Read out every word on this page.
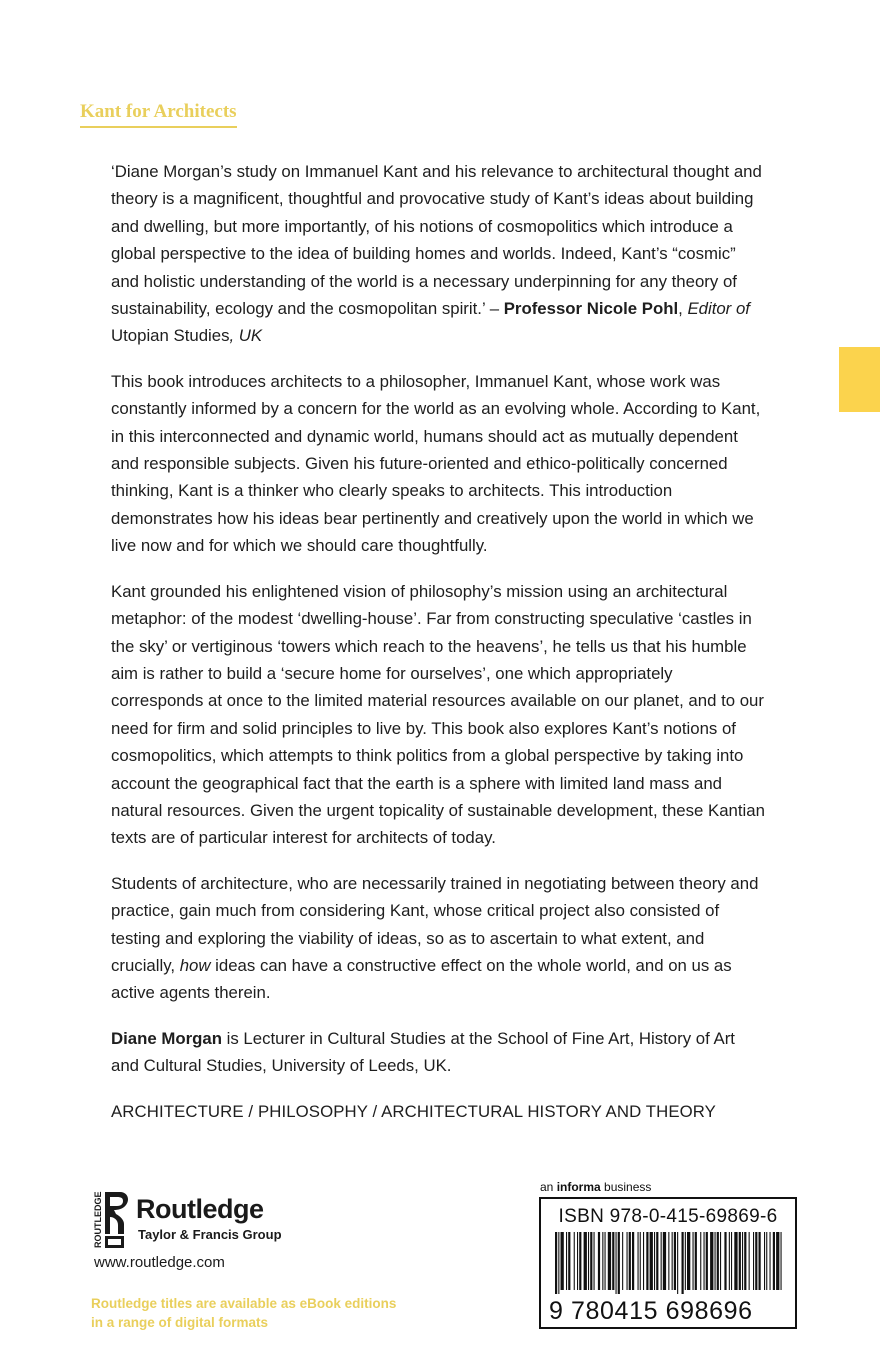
Kant for Architects

‘Diane Morgan’s study on Immanuel Kant and his relevance to architectural thought and theory is a magnificent, thoughtful and provocative study of Kant’s ideas about building and dwelling, but more importantly, of his notions of cosmopolitics which introduce a global perspective to the idea of building homes and worlds. Indeed, Kant’s “cosmic” and holistic understanding of the world is a necessary underpinning for any theory of sustainability, ecology and the cosmopolitan spirit.’ – Professor Nicole Pohl, Editor of Utopian Studies, UK

This book introduces architects to a philosopher, Immanuel Kant, whose work was constantly informed by a concern for the world as an evolving whole. According to Kant, in this interconnected and dynamic world, humans should act as mutually dependent and responsible subjects. Given his future-oriented and ethico-politically concerned thinking, Kant is a thinker who clearly speaks to architects. This introduction demonstrates how his ideas bear pertinently and creatively upon the world in which we live now and for which we should care thoughtfully.

Kant grounded his enlightened vision of philosophy’s mission using an architectural metaphor: of the modest ‘dwelling-house’. Far from constructing speculative ‘castles in the sky’ or vertiginous ‘towers which reach to the heavens’, he tells us that his humble aim is rather to build a ‘secure home for ourselves’, one which appropriately corresponds at once to the limited material resources available on our planet, and to our need for firm and solid principles to live by. This book also explores Kant’s notions of cosmopolitics, which attempts to think politics from a global perspective by taking into account the geographical fact that the earth is a sphere with limited land mass and natural resources. Given the urgent topicality of sustainable development, these Kantian texts are of particular interest for architects of today.

Students of architecture, who are necessarily trained in negotiating between theory and practice, gain much from considering Kant, whose critical project also consisted of testing and exploring the viability of ideas, so as to ascertain to what extent, and crucially, how ideas can have a constructive effect on the whole world, and on us as active agents therein.

Diane Morgan is Lecturer in Cultural Studies at the School of Fine Art, History of Art and Cultural Studies, University of Leeds, UK.

ARCHITECTURE / PHILOSOPHY / ARCHITECTURAL HISTORY AND THEORY

ROUTLEDGE Routledge
Taylor & Francis Group
www.routledge.com
Routledge titles are available as eBook editions
in a range of digital formats
an informa business
ISBN 978-0-415-69869-6
9 780415 698696
